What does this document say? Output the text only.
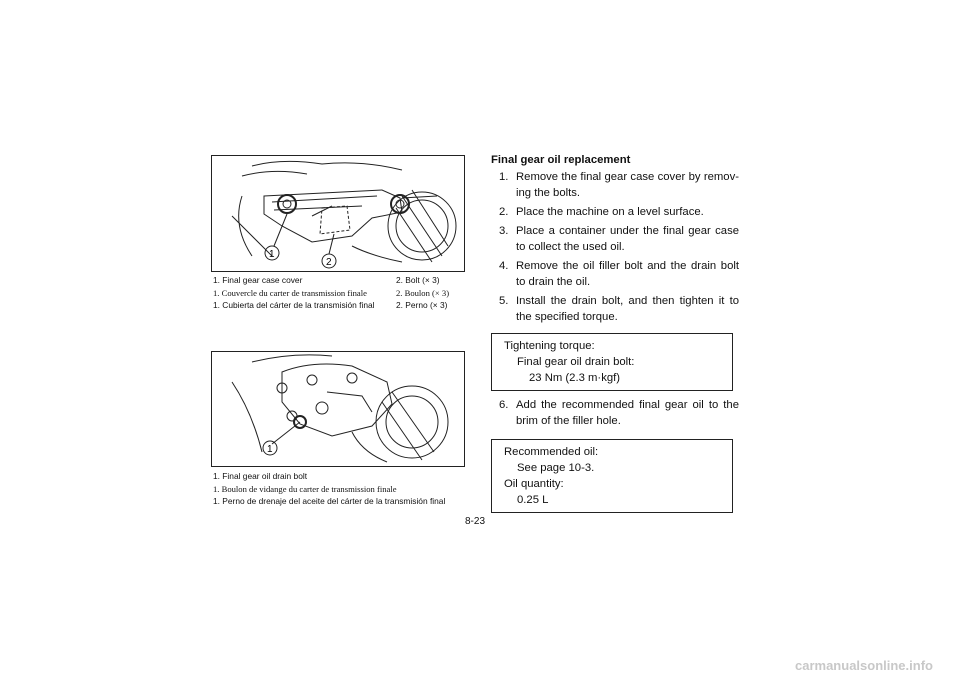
1
2
1. Final gear case cover	2. Bolt (× 3)
1. Couvercle du carter de transmission finale	2. Boulon (× 3)
1. Cubierta del cárter de la transmisión final	2. Perno (× 3)
1
1. Final gear oil drain bolt
1. Boulon de vidange du carter de transmission finale
1. Perno de drenaje del aceite del cárter de la transmisión final
Final gear oil replacement
1. Remove the final gear case cover by remov-ing the bolts.
2. Place the machine on a level surface.
3. Place a container under the final gear case to collect the used oil.
4. Remove the oil filler bolt and the drain bolt to drain the oil.
5. Install the drain bolt, and then tighten it to the specified torque.
Tightening torque:
Final gear oil drain bolt:
23 Nm (2.3 m·kgf)
6. Add the recommended final gear oil to the brim of the filler hole.
Recommended oil:
See page 10-3.
Oil quantity:
0.25 L
8-23
carmanualsonline.info
